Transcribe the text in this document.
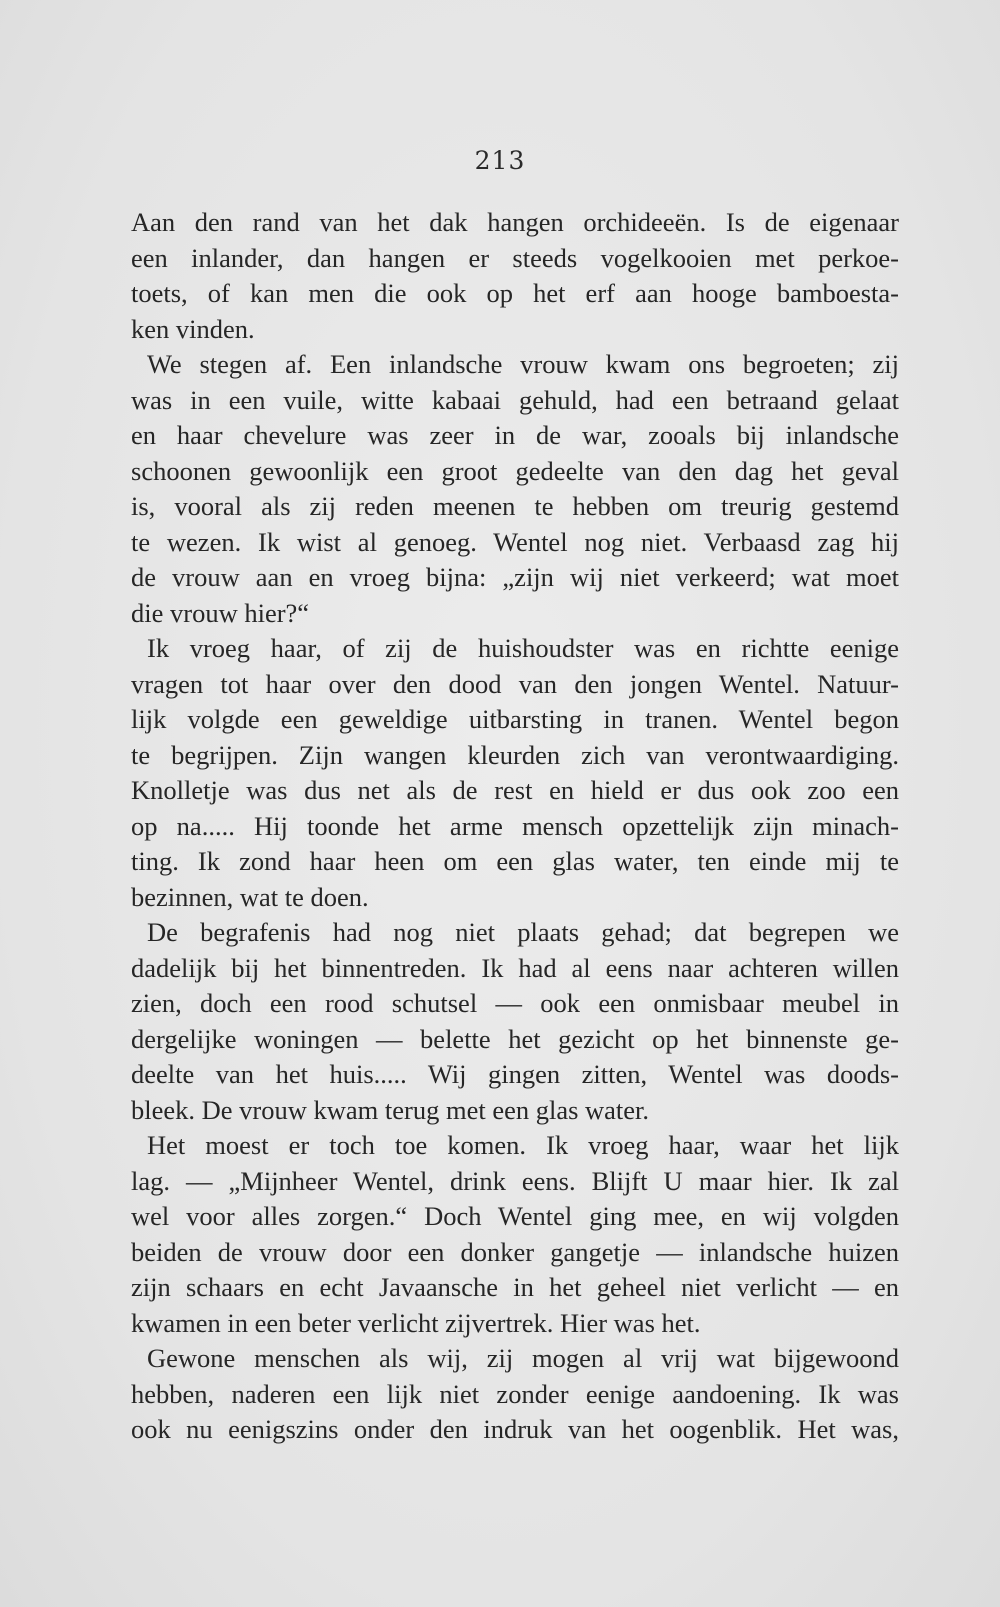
213
Aan den rand van het dak hangen orchideeën. Is de eigenaar
een inlander, dan hangen er steeds vogelkooien met perkoe-
toets, of kan men die ook op het erf aan hooge bamboesta-
ken vinden.
We stegen af. Een inlandsche vrouw kwam ons begroeten; zij
was in een vuile, witte kabaai gehuld, had een betraand gelaat
en haar chevelure was zeer in de war, zooals bij inlandsche
schoonen gewoonlijk een groot gedeelte van den dag het geval
is, vooral als zij reden meenen te hebben om treurig gestemd
te wezen. Ik wist al genoeg. Wentel nog niet. Verbaasd zag hij
de vrouw aan en vroeg bijna: „zijn wij niet verkeerd; wat moet
die vrouw hier?“
Ik vroeg haar, of zij de huishoudster was en richtte eenige
vragen tot haar over den dood van den jongen Wentel. Natuur-
lijk volgde een geweldige uitbarsting in tranen. Wentel begon
te begrijpen. Zijn wangen kleurden zich van verontwaardiging.
Knolletje was dus net als de rest en hield er dus ook zoo een
op na..... Hij toonde het arme mensch opzettelijk zijn minach-
ting. Ik zond haar heen om een glas water, ten einde mij te
bezinnen, wat te doen.
De begrafenis had nog niet plaats gehad; dat begrepen we
dadelijk bij het binnentreden. Ik had al eens naar achteren willen
zien, doch een rood schutsel — ook een onmisbaar meubel in
dergelijke woningen — belette het gezicht op het binnenste ge-
deelte van het huis..... Wij gingen zitten, Wentel was doods-
bleek. De vrouw kwam terug met een glas water.
Het moest er toch toe komen. Ik vroeg haar, waar het lijk
lag. — „Mijnheer Wentel, drink eens. Blijft U maar hier. Ik zal
wel voor alles zorgen.“ Doch Wentel ging mee, en wij volgden
beiden de vrouw door een donker gangetje — inlandsche huizen
zijn schaars en echt Javaansche in het geheel niet verlicht — en
kwamen in een beter verlicht zijvertrek. Hier was het.
Gewone menschen als wij, zij mogen al vrij wat bijgewoond
hebben, naderen een lijk niet zonder eenige aandoening. Ik was
ook nu eenigszins onder den indruk van het oogenblik. Het was,
